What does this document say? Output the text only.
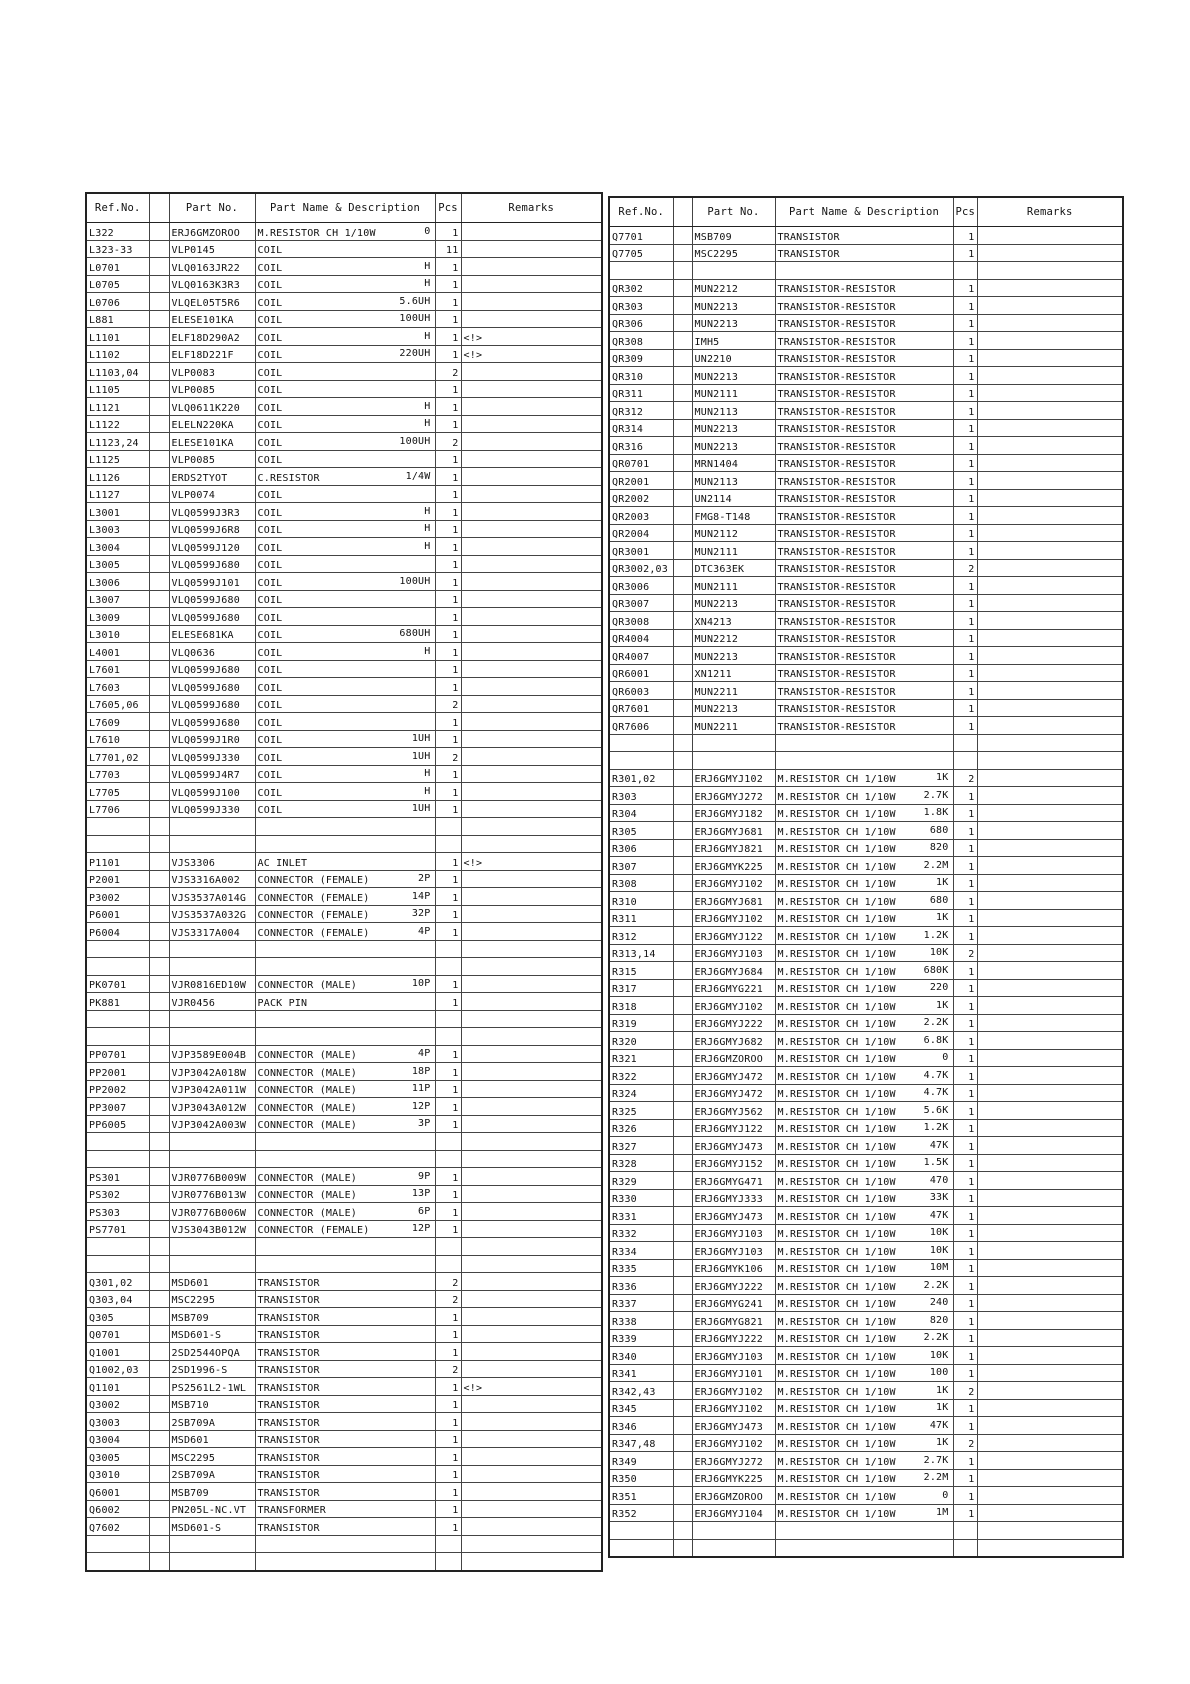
Ref.No.		Part No.	Part Name & Description	Pcs	Remarks
L322		ERJ6GMZOROO	M.RESISTOR CH 1/10W 0	1	
L323-33		VLP0145	COIL	11	
L0701		VLQ0163JR22	COIL H	1	
L0705		VLQ0163K3R3	COIL H	1	
L0706		VLQEL05T5R6	COIL 5.6UH	1	
L881		ELESE101KA	COIL 100UH	1	
L1101		ELF18D290A2	COIL H	1	<!>
L1102		ELF18D221F	COIL 220UH	1	<!>
L1103,04		VLP0083	COIL	2	
L1105		VLP0085	COIL	1	
L1121		VLQ0611K220	COIL H	1	
L1122		ELELN220KA	COIL H	1	
L1123,24		ELESE101KA	COIL 100UH	2	
L1125		VLP0085	COIL	1	
L1126		ERDS2TYOT	C.RESISTOR 1/4W	1	
L1127		VLP0074	COIL	1	
L3001		VLQ0599J3R3	COIL H	1	
L3003		VLQ0599J6R8	COIL H	1	
L3004		VLQ0599J120	COIL H	1	
L3005		VLQ0599J680	COIL	1	
L3006		VLQ0599J101	COIL 100UH	1	
L3007		VLQ0599J680	COIL	1	
L3009		VLQ0599J680	COIL	1	
L3010		ELESE681KA	COIL 680UH	1	
L4001		VLQ0636	COIL H	1	
L7601		VLQ0599J680	COIL	1	
L7603		VLQ0599J680	COIL	1	
L7605,06		VLQ0599J680	COIL	2	
L7609		VLQ0599J680	COIL	1	
L7610		VLQ0599J1R0	COIL 1UH	1	
L7701,02		VLQ0599J330	COIL 1UH	2	
L7703		VLQ0599J4R7	COIL H	1	
L7705		VLQ0599J100	COIL H	1	
L7706		VLQ0599J330	COIL 1UH	1	

P1101		VJS3306	AC INLET	1	<!>
P2001		VJS3316A002	CONNECTOR (FEMALE) 2P	1	
P3002		VJS3537A014G	CONNECTOR (FEMALE) 14P	1	
P6001		VJS3537A032G	CONNECTOR (FEMALE) 32P	1	
P6004		VJS3317A004	CONNECTOR (FEMALE) 4P	1	

PK0701		VJR0816ED10W	CONNECTOR (MALE) 10P	1	
PK881		VJR0456	PACK PIN	1	

PP0701		VJP3589E004B	CONNECTOR (MALE) 4P	1	
PP2001		VJP3042A018W	CONNECTOR (MALE) 18P	1	
PP2002		VJP3042A011W	CONNECTOR (MALE) 11P	1	
PP3007		VJP3043A012W	CONNECTOR (MALE) 12P	1	
PP6005		VJP3042A003W	CONNECTOR (MALE) 3P	1	

PS301		VJR0776B009W	CONNECTOR (MALE) 9P	1	
PS302		VJR0776B013W	CONNECTOR (MALE) 13P	1	
PS303		VJR0776B006W	CONNECTOR (MALE) 6P	1	
PS7701		VJS3043B012W	CONNECTOR (FEMALE) 12P	1	

Q301,02		MSD601	TRANSISTOR	2	
Q303,04		MSC2295	TRANSISTOR	2	
Q305		MSB709	TRANSISTOR	1	
Q0701		MSD601-S	TRANSISTOR	1	
Q1001		2SD2544OPQA	TRANSISTOR	1	
Q1002,03		2SD1996-S	TRANSISTOR	2	
Q1101		PS2561L2-1WL	TRANSISTOR	1	<!>
Q3002		MSB710	TRANSISTOR	1	
Q3003		2SB709A	TRANSISTOR	1	
Q3004		MSD601	TRANSISTOR	1	
Q3005		MSC2295	TRANSISTOR	1	
Q3010		2SB709A	TRANSISTOR	1	
Q6001		MSB709	TRANSISTOR	1	
Q6002		PN205L-NC.VT	TRANSFORMER	1	
Q7602		MSD601-S	TRANSISTOR	1	

Ref.No.		Part No.	Part Name & Description	Pcs	Remarks
Q7701		MSB709	TRANSISTOR	1	
Q7705		MSC2295	TRANSISTOR	1	

QR302		MUN2212	TRANSISTOR-RESISTOR	1	
QR303		MUN2213	TRANSISTOR-RESISTOR	1	
QR306		MUN2213	TRANSISTOR-RESISTOR	1	
QR308		IMH5	TRANSISTOR-RESISTOR	1	
QR309		UN2210	TRANSISTOR-RESISTOR	1	
QR310		MUN2213	TRANSISTOR-RESISTOR	1	
QR311		MUN2111	TRANSISTOR-RESISTOR	1	
QR312		MUN2113	TRANSISTOR-RESISTOR	1	
QR314		MUN2213	TRANSISTOR-RESISTOR	1	
QR316		MUN2213	TRANSISTOR-RESISTOR	1	
QR0701		MRN1404	TRANSISTOR-RESISTOR	1	
QR2001		MUN2113	TRANSISTOR-RESISTOR	1	
QR2002		UN2114	TRANSISTOR-RESISTOR	1	
QR2003		FMG8-T148	TRANSISTOR-RESISTOR	1	
QR2004		MUN2112	TRANSISTOR-RESISTOR	1	
QR3001		MUN2111	TRANSISTOR-RESISTOR	1	
QR3002,03		DTC363EK	TRANSISTOR-RESISTOR	2	
QR3006		MUN2111	TRANSISTOR-RESISTOR	1	
QR3007		MUN2213	TRANSISTOR-RESISTOR	1	
QR3008		XN4213	TRANSISTOR-RESISTOR	1	
QR4004		MUN2212	TRANSISTOR-RESISTOR	1	
QR4007		MUN2213	TRANSISTOR-RESISTOR	1	
QR6001		XN1211	TRANSISTOR-RESISTOR	1	
QR6003		MUN2211	TRANSISTOR-RESISTOR	1	
QR7601		MUN2213	TRANSISTOR-RESISTOR	1	
QR7606		MUN2211	TRANSISTOR-RESISTOR	1	

R301,02		ERJ6GMYJ102	M.RESISTOR CH 1/10W 1K	2	
R303		ERJ6GMYJ272	M.RESISTOR CH 1/10W 2.7K	1	
R304		ERJ6GMYJ182	M.RESISTOR CH 1/10W 1.8K	1	
R305		ERJ6GMYJ681	M.RESISTOR CH 1/10W 680	1	
R306		ERJ6GMYJ821	M.RESISTOR CH 1/10W 820	1	
R307		ERJ6GMYK225	M.RESISTOR CH 1/10W 2.2M	1	
R308		ERJ6GMYJ102	M.RESISTOR CH 1/10W 1K	1	
R310		ERJ6GMYJ681	M.RESISTOR CH 1/10W 680	1	
R311		ERJ6GMYJ102	M.RESISTOR CH 1/10W 1K	1	
R312		ERJ6GMYJ122	M.RESISTOR CH 1/10W 1.2K	1	
R313,14		ERJ6GMYJ103	M.RESISTOR CH 1/10W 10K	2	
R315		ERJ6GMYJ684	M.RESISTOR CH 1/10W 680K	1	
R317		ERJ6GMYG221	M.RESISTOR CH 1/10W 220	1	
R318		ERJ6GMYJ102	M.RESISTOR CH 1/10W 1K	1	
R319		ERJ6GMYJ222	M.RESISTOR CH 1/10W 2.2K	1	
R320		ERJ6GMYJ682	M.RESISTOR CH 1/10W 6.8K	1	
R321		ERJ6GMZOROO	M.RESISTOR CH 1/10W 0	1	
R322		ERJ6GMYJ472	M.RESISTOR CH 1/10W 4.7K	1	
R324		ERJ6GMYJ472	M.RESISTOR CH 1/10W 4.7K	1	
R325		ERJ6GMYJ562	M.RESISTOR CH 1/10W 5.6K	1	
R326		ERJ6GMYJ122	M.RESISTOR CH 1/10W 1.2K	1	
R327		ERJ6GMYJ473	M.RESISTOR CH 1/10W 47K	1	
R328		ERJ6GMYJ152	M.RESISTOR CH 1/10W 1.5K	1	
R329		ERJ6GMYG471	M.RESISTOR CH 1/10W 470	1	
R330		ERJ6GMYJ333	M.RESISTOR CH 1/10W 33K	1	
R331		ERJ6GMYJ473	M.RESISTOR CH 1/10W 47K	1	
R332		ERJ6GMYJ103	M.RESISTOR CH 1/10W 10K	1	
R334		ERJ6GMYJ103	M.RESISTOR CH 1/10W 10K	1	
R335		ERJ6GMYK106	M.RESISTOR CH 1/10W 10M	1	
R336		ERJ6GMYJ222	M.RESISTOR CH 1/10W 2.2K	1	
R337		ERJ6GMYG241	M.RESISTOR CH 1/10W 240	1	
R338		ERJ6GMYG821	M.RESISTOR CH 1/10W 820	1	
R339		ERJ6GMYJ222	M.RESISTOR CH 1/10W 2.2K	1	
R340		ERJ6GMYJ103	M.RESISTOR CH 1/10W 10K	1	
R341		ERJ6GMYJ101	M.RESISTOR CH 1/10W 100	1	
R342,43		ERJ6GMYJ102	M.RESISTOR CH 1/10W 1K	2	
R345		ERJ6GMYJ102	M.RESISTOR CH 1/10W 1K	1	
R346		ERJ6GMYJ473	M.RESISTOR CH 1/10W 47K	1	
R347,48		ERJ6GMYJ102	M.RESISTOR CH 1/10W 1K	2	
R349		ERJ6GMYJ272	M.RESISTOR CH 1/10W 2.7K	1	
R350		ERJ6GMYK225	M.RESISTOR CH 1/10W 2.2M	1	
R351		ERJ6GMZOROO	M.RESISTOR CH 1/10W 0	1	
R352		ERJ6GMYJ104	M.RESISTOR CH 1/10W 1M	1	
